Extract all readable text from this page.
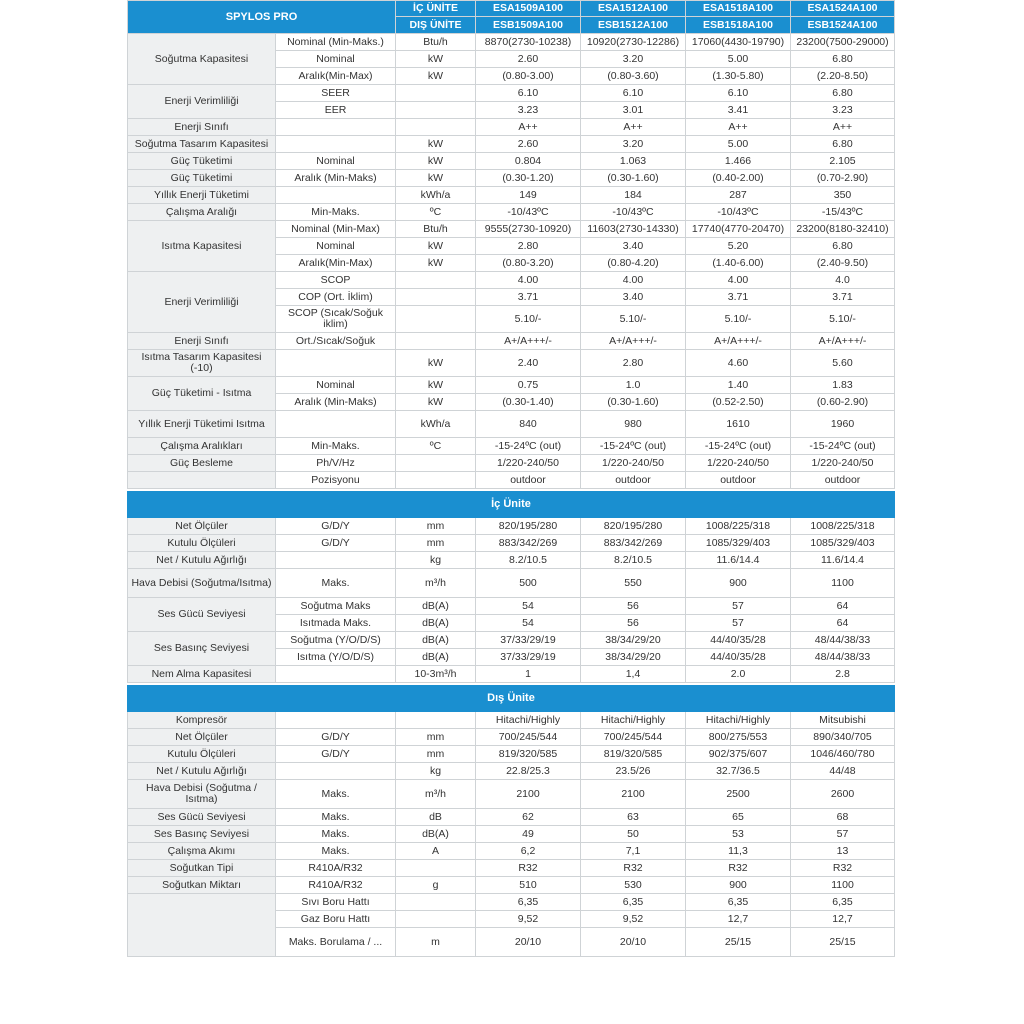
SPYLOS PRO		İÇ ÜNİTE	ESA1509A100	ESA1512A100	ESA1518A100	ESA1524A100
		DIŞ ÜNİTE	ESB1509A100	ESB1512A100	ESB1518A100	ESB1524A100
Soğutma Kapasitesi	Nominal (Min-Maks.)	Btu/h	8870(2730-10238)	10920(2730-12286)	17060(4430-19790)	23200(7500-29000)
	Nominal	kW	2.60	3.20	5.00	6.80
	Aralık(Min-Max)	kW	(0.80-3.00)	(0.80-3.60)	(1.30-5.80)	(2.20-8.50)
Enerji Verimliliği	SEER		6.10	6.10	6.10	6.80
	EER		3.23	3.01	3.41	3.23
Enerji Sınıfı			A++	A++	A++	A++
Soğutma Tasarım Kapasitesi		kW	2.60	3.20	5.00	6.80
Güç Tüketimi	Nominal	kW	0.804	1.063	1.466	2.105
Güç Tüketimi	Aralık (Min-Maks)	kW	(0.30-1.20)	(0.30-1.60)	(0.40-2.00)	(0.70-2.90)
Yıllık Enerji Tüketimi		kWh/a	149	184	287	350
Çalışma Aralığı	Min-Maks.	ºC	-10/43ºC	-10/43ºC	-10/43ºC	-15/43ºC
Isıtma Kapasitesi	Nominal (Min-Max)	Btu/h	9555(2730-10920)	11603(2730-14330)	17740(4770-20470)	23200(8180-32410)
	Nominal	kW	2.80	3.40	5.20	6.80
	Aralık(Min-Max)	kW	(0.80-3.20)	(0.80-4.20)	(1.40-6.00)	(2.40-9.50)
Enerji Verimliliği	SCOP		4.00	4.00	4.00	4.0
	COP (Ort. İklim)		3.71	3.40	3.71	3.71
	SCOP (Sıcak/Soğuk iklim)		5.10/-	5.10/-	5.10/-	5.10/-
Enerji Sınıfı	Ort./Sıcak/Soğuk		A+/A+++/-	A+/A+++/-	A+/A+++/-	A+/A+++/-
Isıtma Tasarım Kapasitesi (-10)		kW	2.40	2.80	4.60	5.60
Güç Tüketimi - Isıtma	Nominal	kW	0.75	1.0	1.40	1.83
	Aralık (Min-Maks)	kW	(0.30-1.40)	(0.30-1.60)	(0.52-2.50)	(0.60-2.90)
Yıllık Enerji Tüketimi Isıtma		kWh/a	840	980	1610	1960
Çalışma Aralıkları	Min-Maks.	ºC	-15-24ºC (out)	-15-24ºC (out)	-15-24ºC (out)	-15-24ºC (out)
Güç Besleme	Ph/V/Hz		1/220-240/50	1/220-240/50	1/220-240/50	1/220-240/50
	Pozisyonu		outdoor	outdoor	outdoor	outdoor

İç Ünite						
Net Ölçüler	G/D/Y	mm	820/195/280	820/195/280	1008/225/318	1008/225/318
Kutulu Ölçüleri	G/D/Y	mm	883/342/269	883/342/269	1085/329/403	1085/329/403
Net / Kutulu Ağırlığı		kg	8.2/10.5	8.2/10.5	11.6/14.4	11.6/14.4
Hava Debisi (Soğutma/Isıtma)	Maks.	m³/h	500	550	900	1100
Ses Gücü Seviyesi	Soğutma Maks	dB(A)	54	56	57	64
	Isıtmada Maks.	dB(A)	54	56	57	64
Ses Basınç Seviyesi	Soğutma (Y/O/D/S)	dB(A)	37/33/29/19	38/34/29/20	44/40/35/28	48/44/38/33
	Isıtma (Y/O/D/S)	dB(A)	37/33/29/19	38/34/29/20	44/40/35/28	48/44/38/33
Nem Alma Kapasitesi		10-3m³/h	1	1,4	2.0	2.8

Dış Ünite						
Kompresör			Hitachi/Highly	Hitachi/Highly	Hitachi/Highly	Mitsubishi
Net Ölçüler	G/D/Y	mm	700/245/544	700/245/544	800/275/553	890/340/705
Kutulu Ölçüleri	G/D/Y	mm	819/320/585	819/320/585	902/375/607	1046/460/780
Net / Kutulu Ağırlığı		kg	22.8/25.3	23.5/26	32.7/36.5	44/48
Hava Debisi (Soğutma / Isıtma)	Maks.	m³/h	2100	2100	2500	2600
Ses Gücü Seviyesi	Maks.	dB	62	63	65	68
Ses Basınç Seviyesi	Maks.	dB(A)	49	50	53	57
Çalışma Akımı	Maks.	A	6,2	7,1	11,3	13
Soğutkan Tipi	R410A/R32		R32	R32	R32	R32
Soğutkan Miktarı	R410A/R32	g	510	530	900	1100
	Sıvı Boru Hattı		6,35	6,35	6,35	6,35
	Gaz Boru Hattı		9,52	9,52	12,7	12,7
	Maks. Borulama / ...	m	20/10	20/10	25/15	25/15
